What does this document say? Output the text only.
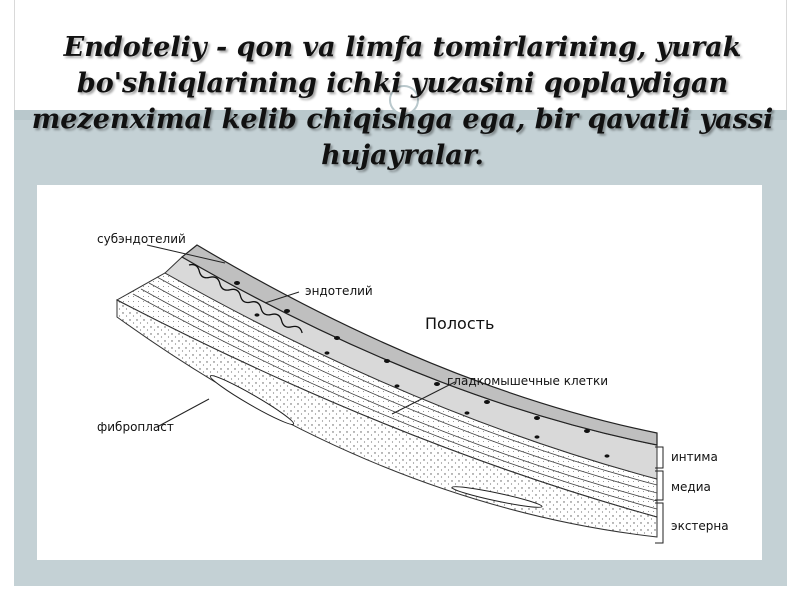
Endoteliy - qon va limfa tomirlarining, yurak bo'shliqlarining ichki yuzasini qoplaydigan mezenximal kelib chiqishga ega, bir qavatli yassi hujayralar.
субэндотелий
эндотелий
Полость
гладкомышечные клетки
фибропласт
интима
медиа
экстерна
